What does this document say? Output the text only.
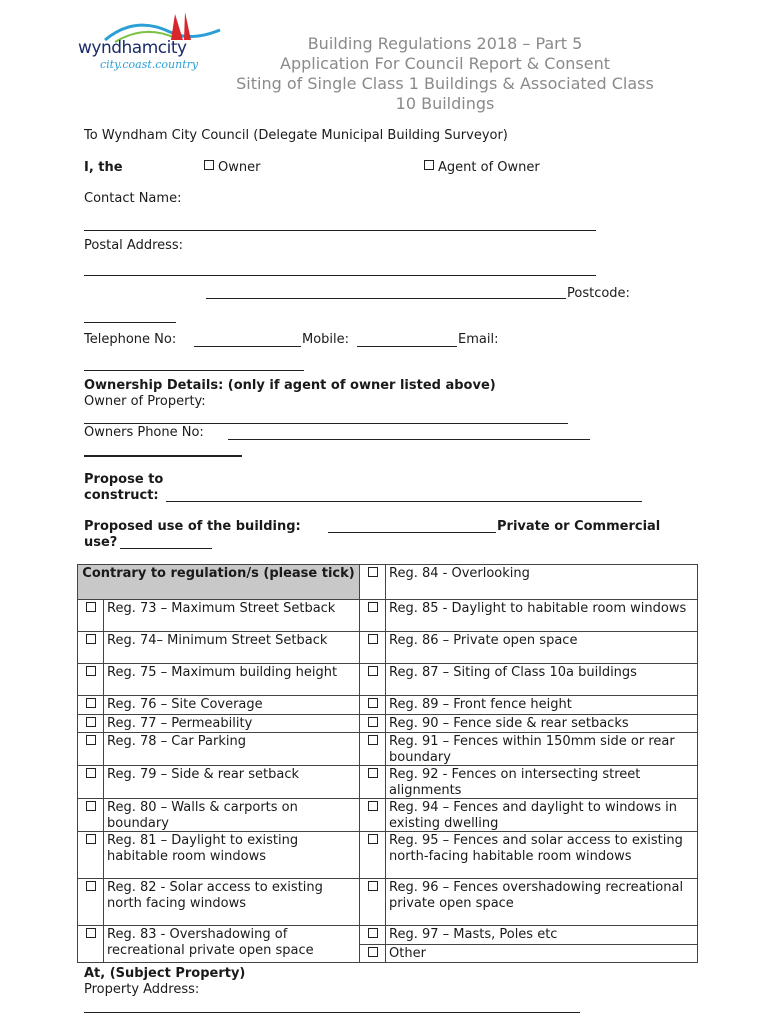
wyndhamcity
city.coast.country
Building Regulations 2018 – Part 5
Application For Council Report & Consent
Siting of Single Class 1 Buildings & Associated Class
10 Buildings
To Wyndham City Council (Delegate Municipal Building Surveyor)
I, the	Owner	Agent of Owner
Contact Name:
Postal Address:
Postcode:
Telephone No:	Mobile:	Email:
Ownership Details: (only if agent of owner listed above)
Owner of Property:
Owners Phone No:
Propose to
construct:
Proposed use of the building:	Private or Commercial
use?
Contrary to regulation/s (please tick)			Reg. 84 - Overlooking
	Reg. 73 – Maximum Street Setback		Reg. 85 - Daylight to habitable room windows
	Reg. 74– Minimum Street Setback		Reg. 86 – Private open space
	Reg. 75 – Maximum building height		Reg. 87 – Siting of Class 10a buildings
	Reg. 76 – Site Coverage		Reg. 89 – Front fence height
	Reg. 77 – Permeability		Reg. 90 – Fence side & rear setbacks
	Reg. 78 – Car Parking		Reg. 91 – Fences within 150mm side or rear boundary
	Reg. 79 – Side & rear setback		Reg. 92 - Fences on intersecting street alignments
	Reg. 80 – Walls & carports on boundary		Reg. 94 – Fences and daylight to windows in existing dwelling
	Reg. 81 – Daylight to existing habitable room windows		Reg. 95 – Fences and solar access to existing north-facing habitable room windows
	Reg. 82 - Solar access to existing north facing windows		Reg. 96 – Fences overshadowing recreational private open space
	Reg. 83 - Overshadowing of recreational private open space		Reg. 97 – Masts, Poles etc
			Other
At, (Subject Property)
Property Address:
